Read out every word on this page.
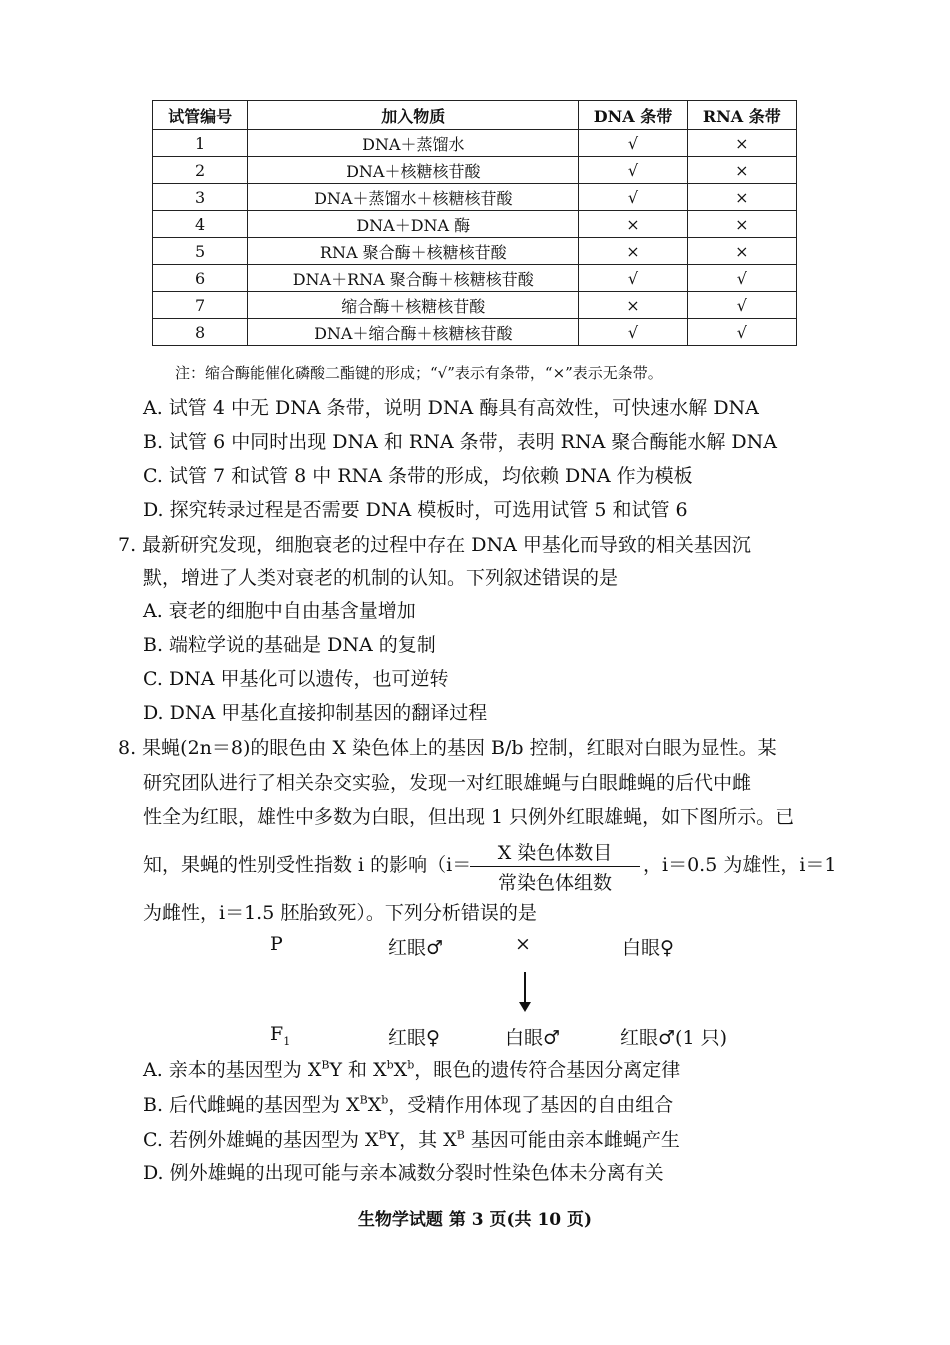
试管编号	加入物质	DNA 条带	RNA 条带
1	DNA＋蒸馏水	√	×
2	DNA＋核糖核苷酸	√	×
3	DNA＋蒸馏水＋核糖核苷酸	√	×
4	DNA＋DNA 酶	×	×
5	RNA 聚合酶＋核糖核苷酸	×	×
6	DNA＋RNA 聚合酶＋核糖核苷酸	√	√
7	缩合酶＋核糖核苷酸	×	√
8	DNA＋缩合酶＋核糖核苷酸	√	√
注：缩合酶能催化磷酸二酯键的形成；“√”表示有条带，“×”表示无条带。
A. 试管 4 中无 DNA 条带，说明 DNA 酶具有高效性，可快速水解 DNA
B. 试管 6 中同时出现 DNA 和 RNA 条带，表明 RNA 聚合酶能水解 DNA
C. 试管 7 和试管 8 中 RNA 条带的形成，均依赖 DNA 作为模板
D. 探究转录过程是否需要 DNA 模板时，可选用试管 5 和试管 6
7. 最新研究发现，细胞衰老的过程中存在 DNA 甲基化而导致的相关基因沉
默，增进了人类对衰老的机制的认知。下列叙述错误的是
A. 衰老的细胞中自由基含量增加
B. 端粒学说的基础是 DNA 的复制
C. DNA 甲基化可以遗传，也可逆转
D. DNA 甲基化直接抑制基因的翻译过程
8. 果蝇(2n＝8)的眼色由 X 染色体上的基因 B/b 控制，红眼对白眼为显性。某
研究团队进行了相关杂交实验，发现一对红眼雄蝇与白眼雌蝇的后代中雌
性全为红眼，雄性中多数为白眼，但出现 1 只例外红眼雄蝇，如下图所示。已
知，果蝇的性别受性指数 i 的影响（i＝
X 染色体数目
常染色体组数
，i＝0.5 为雄性，i＝1
为雌性，i＝1.5 胚胎致死）。下列分析错误的是
P	红眼♂	×	白眼♀
$F_1$	红眼♀	白眼♂	红眼♂(1 只)
A. 亲本的基因型为 $X^BY$ 和 $X^bX^b$，眼色的遗传符合基因分离定律
B. 后代雌蝇的基因型为 $X^BX^b$，受精作用体现了基因的自由组合
C. 若例外雄蝇的基因型为 $X^BY$，其 $X^B$ 基因可能由亲本雌蝇产生
D. 例外雄蝇的出现可能与亲本减数分裂时性染色体未分离有关
生物学试题 第 3 页(共 10 页)
